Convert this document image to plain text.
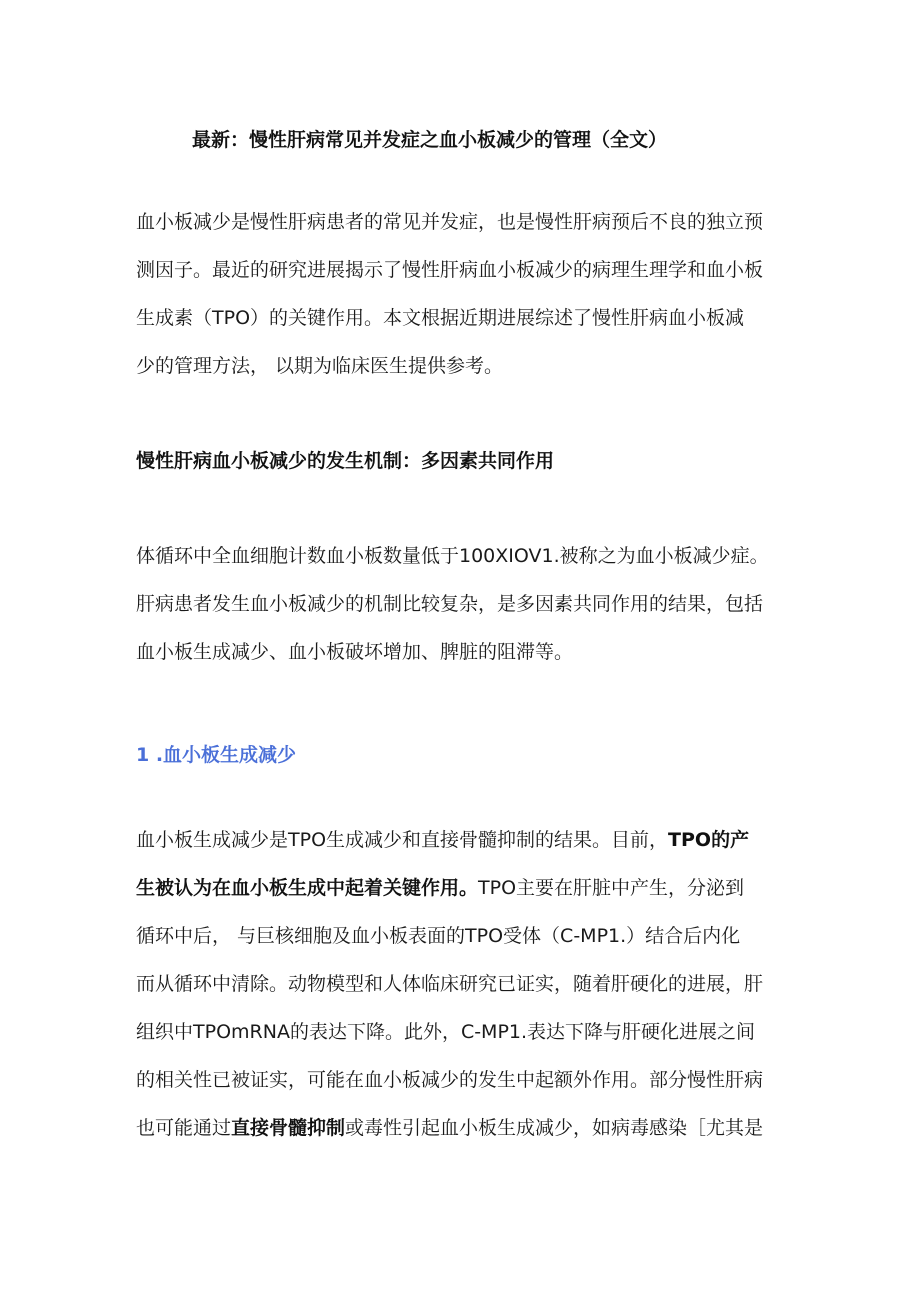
最新：慢性肝病常见并发症之血小板减少的管理（全文）
血小板减少是慢性肝病患者的常见并发症，也是慢性肝病预后不良的独立预
测因子。最近的研究进展揭示了慢性肝病血小板减少的病理生理学和血小板
生成素（TPO）的关键作用。本文根据近期进展综述了慢性肝病血小板减
少的管理方法， 以期为临床医生提供参考。
慢性肝病血小板减少的发生机制：多因素共同作用
体循环中全血细胞计数血小板数量低于100XIOV1.被称之为血小板减少症。
肝病患者发生血小板减少的机制比较复杂，是多因素共同作用的结果，包括
血小板生成减少、血小板破坏增加、脾脏的阻滞等。
1 .血小板生成减少
血小板生成减少是TPO生成减少和直接骨髓抑制的结果。目前，TPO的产
生被认为在血小板生成中起着关键作用。TPO主要在肝脏中产生，分泌到
循环中后， 与巨核细胞及血小板表面的TPO受体（C-MP1.）结合后内化
而从循环中清除。动物模型和人体临床研究已证实，随着肝硬化的进展，肝
组织中TPOmRNA的表达下降。此外，C-MP1.表达下降与肝硬化进展之间
的相关性已被证实，可能在血小板减少的发生中起额外作用。部分慢性肝病
也可能通过直接骨髓抑制或毒性引起血小板生成减少，如病毒感染［尤其是
